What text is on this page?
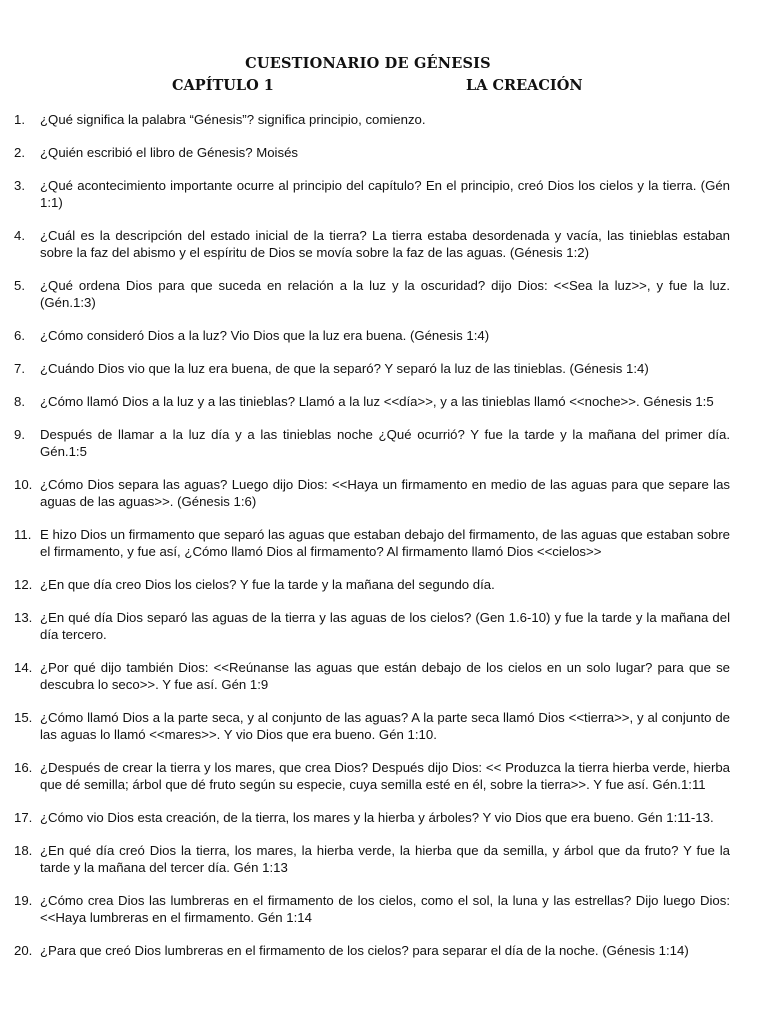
CUESTIONARIO DE GÉNESIS
CAPÍTULO 1	LA CREACIÓN
1. ¿Qué significa la palabra “Génesis”? significa principio, comienzo.
2. ¿Quién escribió el libro de Génesis? Moisés
3. ¿Qué acontecimiento importante ocurre al principio del capítulo? En el principio, creó Dios los cielos y la tierra. (Gén 1:1)
4. ¿Cuál es la descripción del estado inicial de la tierra? La tierra estaba desordenada y vacía, las tinieblas estaban sobre la faz del abismo y el espíritu de Dios se movía sobre la faz de las aguas. (Génesis 1:2)
5. ¿Qué ordena Dios para que suceda en relación a la luz y la oscuridad? dijo Dios: <<Sea la luz>>, y fue la luz. (Gén.1:3)
6. ¿Cómo consideró Dios a la luz? Vio Dios que la luz era buena. (Génesis 1:4)
7. ¿Cuándo Dios vio que la luz era buena, de que la separó? Y separó la luz de las tinieblas. (Génesis 1:4)
8. ¿Cómo llamó Dios a la luz y a las tinieblas? Llamó a la luz <<día>>, y a las tinieblas llamó <<noche>>. Génesis 1:5
9. Después de llamar a la luz día y a las tinieblas noche ¿Qué ocurrió? Y fue la tarde y la mañana del primer día. Gén.1:5
10. ¿Cómo Dios separa las aguas? Luego dijo Dios: <<Haya un firmamento en medio de las aguas para que separe las aguas de las aguas>>. (Génesis 1:6)
11. E hizo Dios un firmamento que separó las aguas que estaban debajo del firmamento, de las aguas que estaban sobre el firmamento, y fue así, ¿Cómo llamó Dios al firmamento? Al firmamento llamó Dios <<cielos>>
12. ¿En que día creo Dios los cielos? Y fue la tarde y la mañana del segundo día.
13. ¿En qué día Dios separó las aguas de la tierra y las aguas de los cielos? (Gen 1.6-10) y fue la tarde y la mañana del día tercero.
14. ¿Por qué dijo también Dios: <<Reúnanse las aguas que están debajo de los cielos en un solo lugar? para que se descubra lo seco>>. Y fue así. Gén 1:9
15. ¿Cómo llamó Dios a la parte seca, y al conjunto de las aguas? A la parte seca llamó Dios <<tierra>>, y al conjunto de las aguas lo llamó <<mares>>. Y vio Dios que era bueno. Gén 1:10.
16. ¿Después de crear la tierra y los mares, que crea Dios? Después dijo Dios: << Produzca la tierra hierba verde, hierba que dé semilla; árbol que dé fruto según su especie, cuya semilla esté en él, sobre la tierra>>. Y fue así. Gén.1:11
17. ¿Cómo vio Dios esta creación, de la tierra, los mares y la hierba y árboles? Y vio Dios que era bueno. Gén 1:11-13.
18. ¿En qué día creó Dios la tierra, los mares, la hierba verde, la hierba que da semilla, y árbol que da fruto? Y fue la tarde y la mañana del tercer día. Gén 1:13
19. ¿Cómo crea Dios las lumbreras en el firmamento de los cielos, como el sol, la luna y las estrellas? Dijo luego Dios:<<Haya lumbreras en el firmamento. Gén 1:14
20. ¿Para que creó Dios lumbreras en el firmamento de los cielos? para separar el día de la noche. (Génesis 1:14)
